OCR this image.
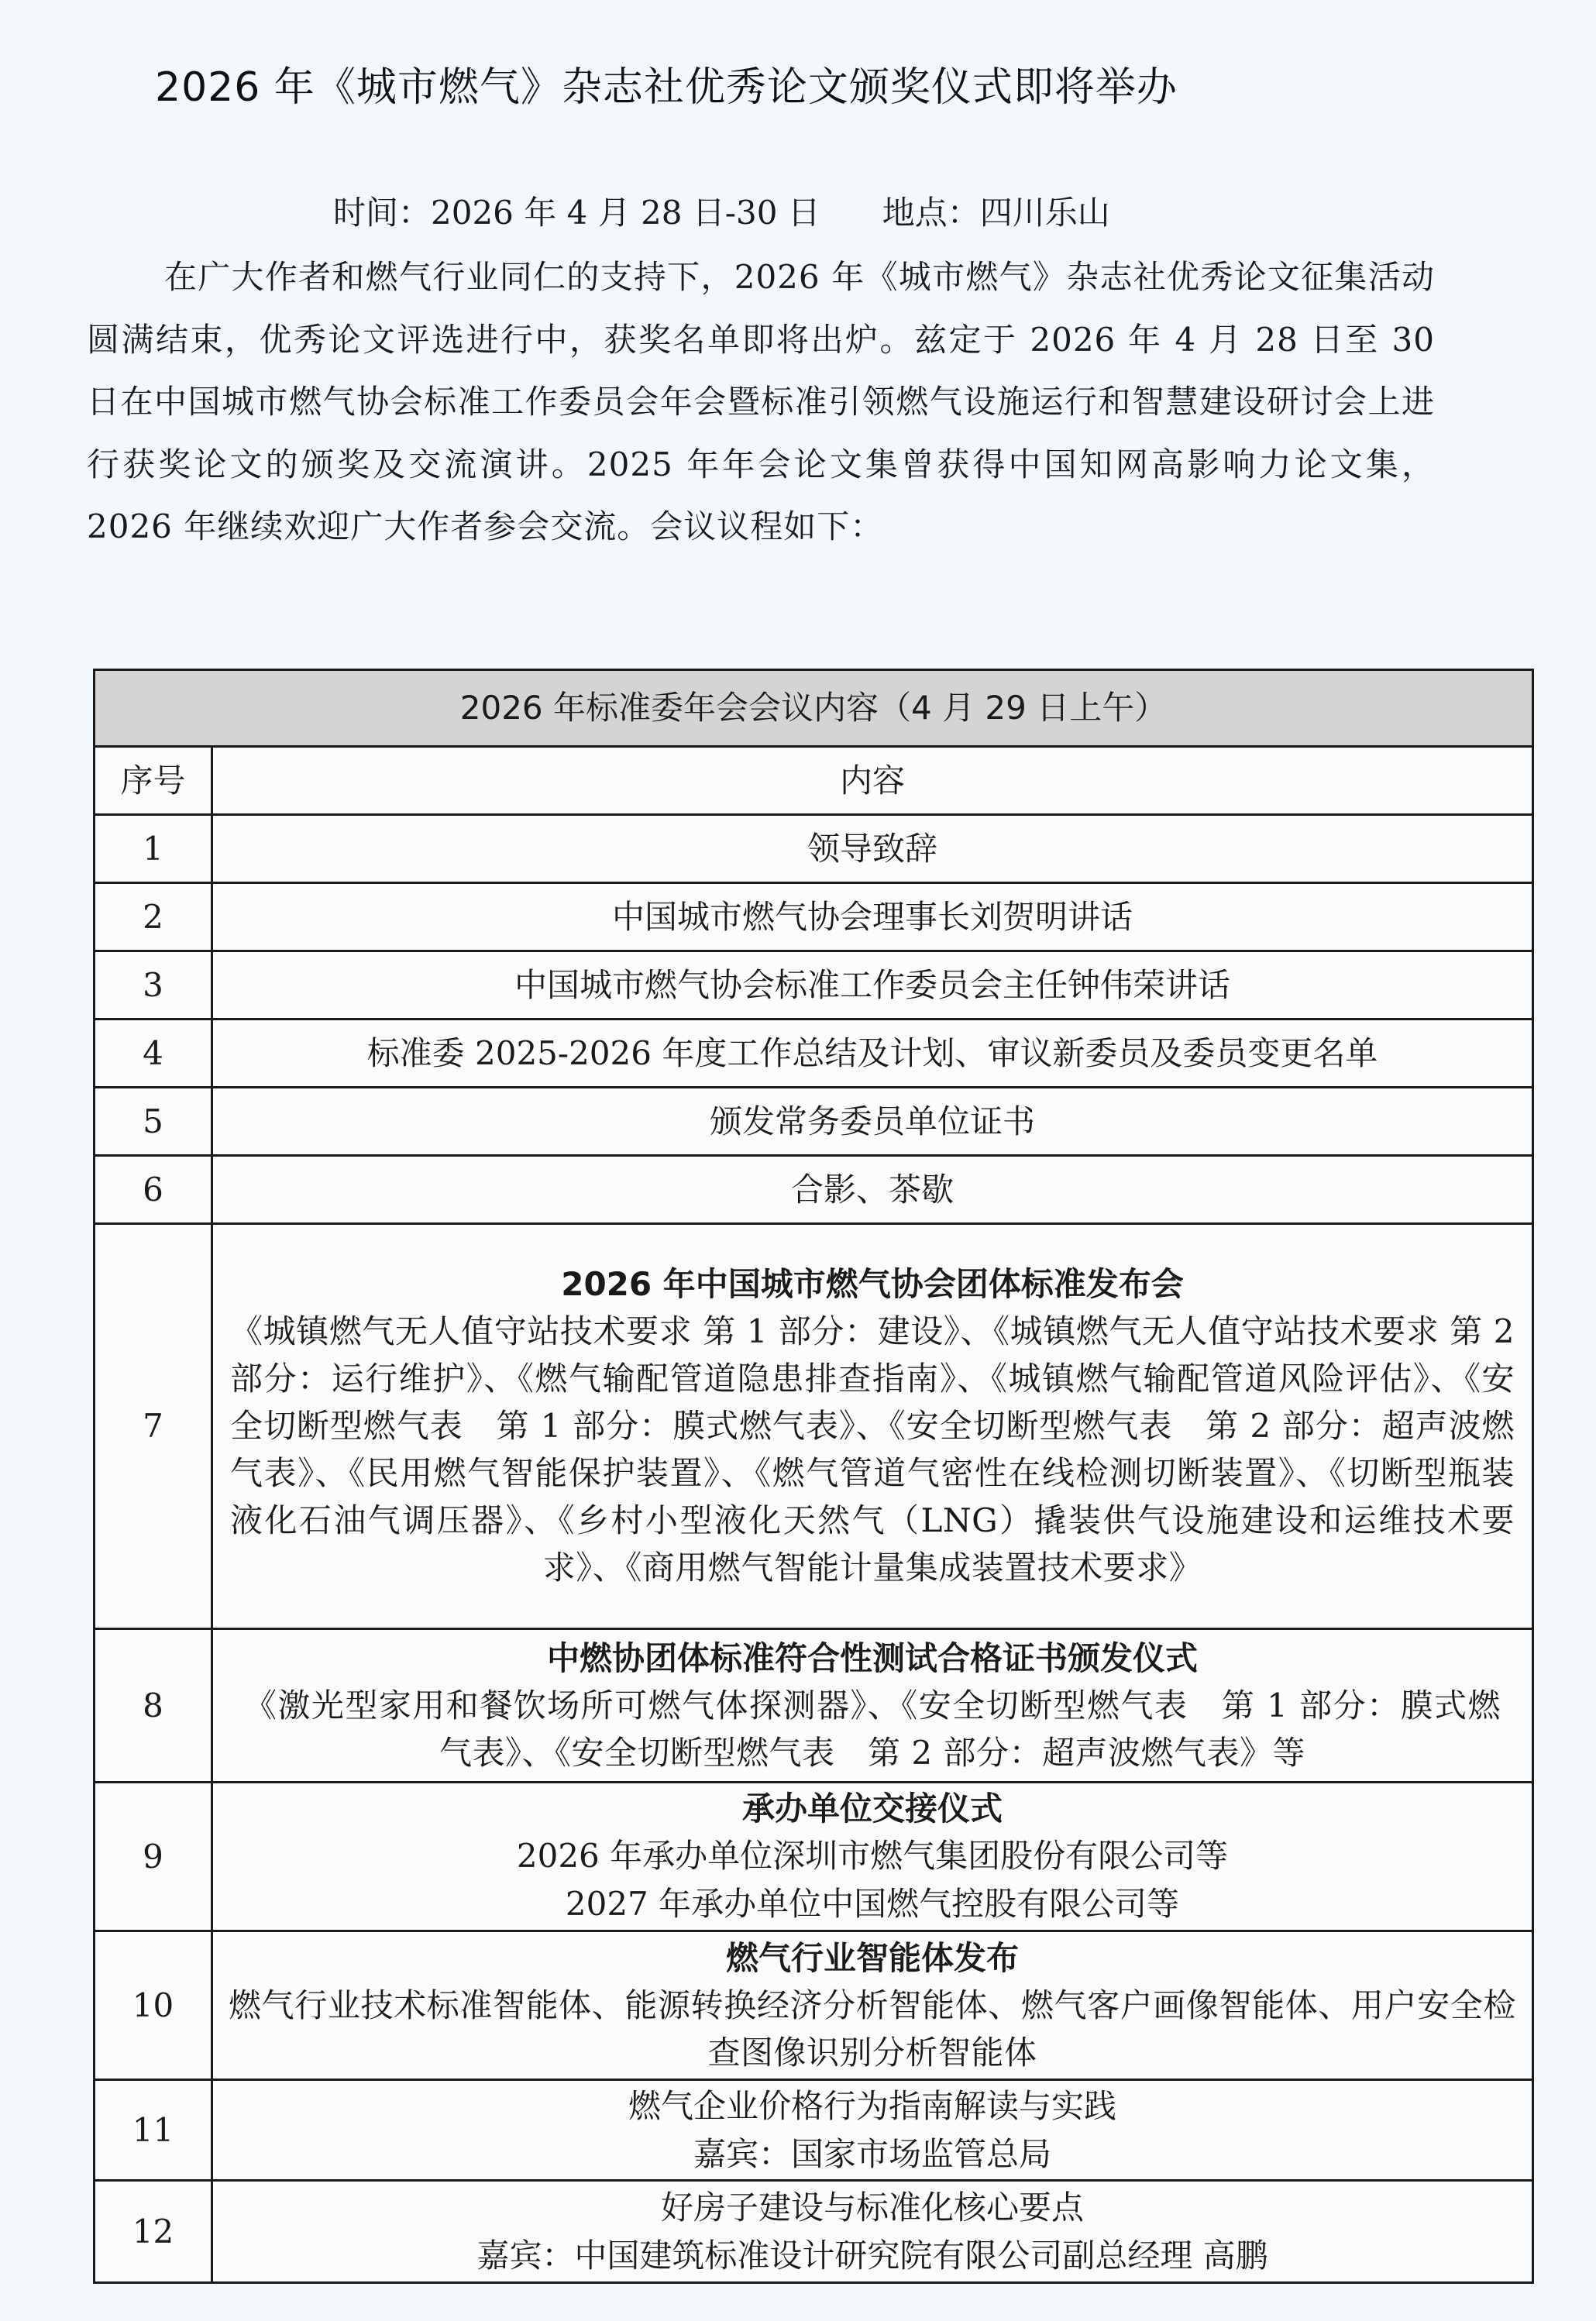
2026 年《城市燃气》杂志社优秀论文颁奖仪式即将举办
时间：2026 年 4 月 28 日-30 日 地点：四川乐山
在广大作者和燃气行业同仁的支持下，2026 年《城市燃气》杂志社优秀论文征集活动圆满结束，优秀论文评选进行中，获奖名单即将出炉。兹定于 2026 年 4 月 28 日至 30 日在中国城市燃气协会标准工作委员会年会暨标准引领燃气设施运行和智慧建设研讨会上进行获奖论文的颁奖及交流演讲。2025 年年会论文集曾获得中国知网高影响力论文集，2026 年继续欢迎广大作者参会交流。会议议程如下：
2026 年标准委年会会议内容（4 月 29 日上午）	
序号	内容
1	领导致辞
2	中国城市燃气协会理事长刘贺明讲话
3	中国城市燃气协会标准工作委员会主任钟伟荣讲话
4	标准委 2025-2026 年度工作总结及计划、审议新委员及委员变更名单
5	颁发常务委员单位证书
6	合影、茶歇
7	2026 年中国城市燃气协会团体标准发布会
《城镇燃气无人值守站技术要求 第 1 部分：建设》、《城镇燃气无人值守站技术要求 第 2 部分：运行维护》、《燃气输配管道隐患排查指南》、《城镇燃气输配管道风险评估》、《安全切断型燃气表　第 1 部分：膜式燃气表》、《安全切断型燃气表　第 2 部分：超声波燃气表》、《民用燃气智能保护装置》、《燃气管道气密性在线检测切断装置》、《切断型瓶装液化石油气调压器》、《乡村小型液化天然气（LNG）撬装供气设施建设和运维技术要求》、《商用燃气智能计量集成装置技术要求》

8	中燃协团体标准符合性测试合格证书颁发仪式
《激光型家用和餐饮场所可燃气体探测器》、《安全切断型燃气表　第 1 部分：膜式燃气表》、《安全切断型燃气表　第 2 部分：超声波燃气表》等

9	承办单位交接仪式
2026 年承办单位深圳市燃气集团股份有限公司等
2027 年承办单位中国燃气控股有限公司等

10	燃气行业智能体发布
燃气行业技术标准智能体、能源转换经济分析智能体、燃气客户画像智能体、用户安全检查图像识别分析智能体

11	燃气企业价格行为指南解读与实践
嘉宾：国家市场监管总局

12	好房子建设与标准化核心要点
嘉宾：中国建筑标准设计研究院有限公司副总经理 高鹏
